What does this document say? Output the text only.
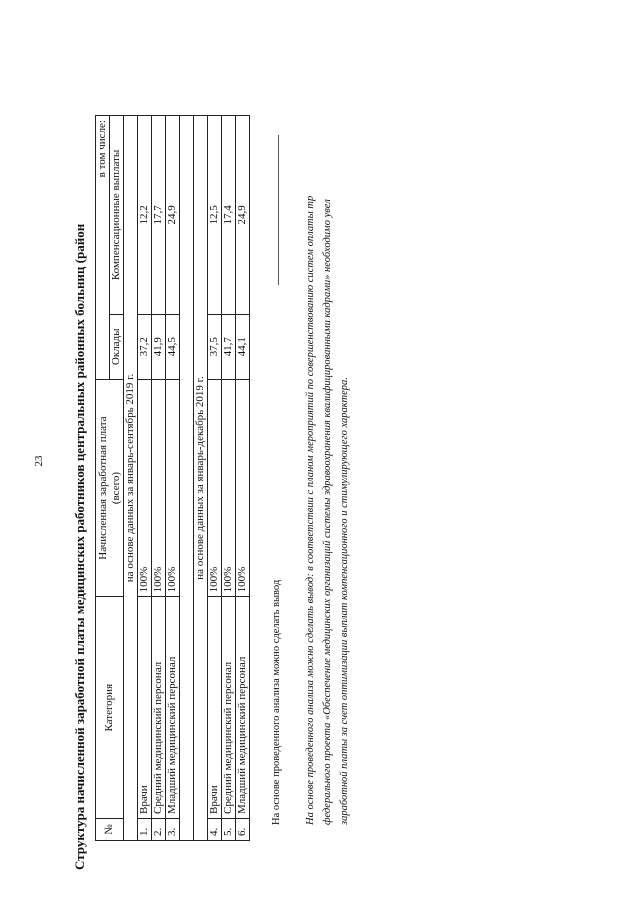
23 Структура начисленной заработной платы медицинских работников центральных районных больниц (район №	Категория	Начисленная заработная плата (всего)	в том числе:	
			Оклады	Компенсационные выплаты
на основе данных за январь-сентябрь 2019 г.				
1.	Врачи	100%	37,2	12,2
2.	Средний медицинский персонал	100%	41,9	17,7
3.	Младший медицинский персонал	100%	44,5	24,9

на основе данных за январь-декабрь 2019 г.				
4.	Врачи	100%	37,5	12,5
5.	Средний медицинский персонал	100%	41,7	17,4
6.	Младший медицинский персонал	100%	44,1	24,9
На основе проведенного анализа можно сделать вывод На основе проведенного анализа можно сделать вывод: в соответствии с планом мероприятий по совершенствованию систем оплаты тр федерального проекта «Обеспечение медицинских организаций системы здравоохранения квалифицированными кадрами» необходимо увел заработной платы за счет оптимизации выплат компенсационного и стимулирующего характера.
